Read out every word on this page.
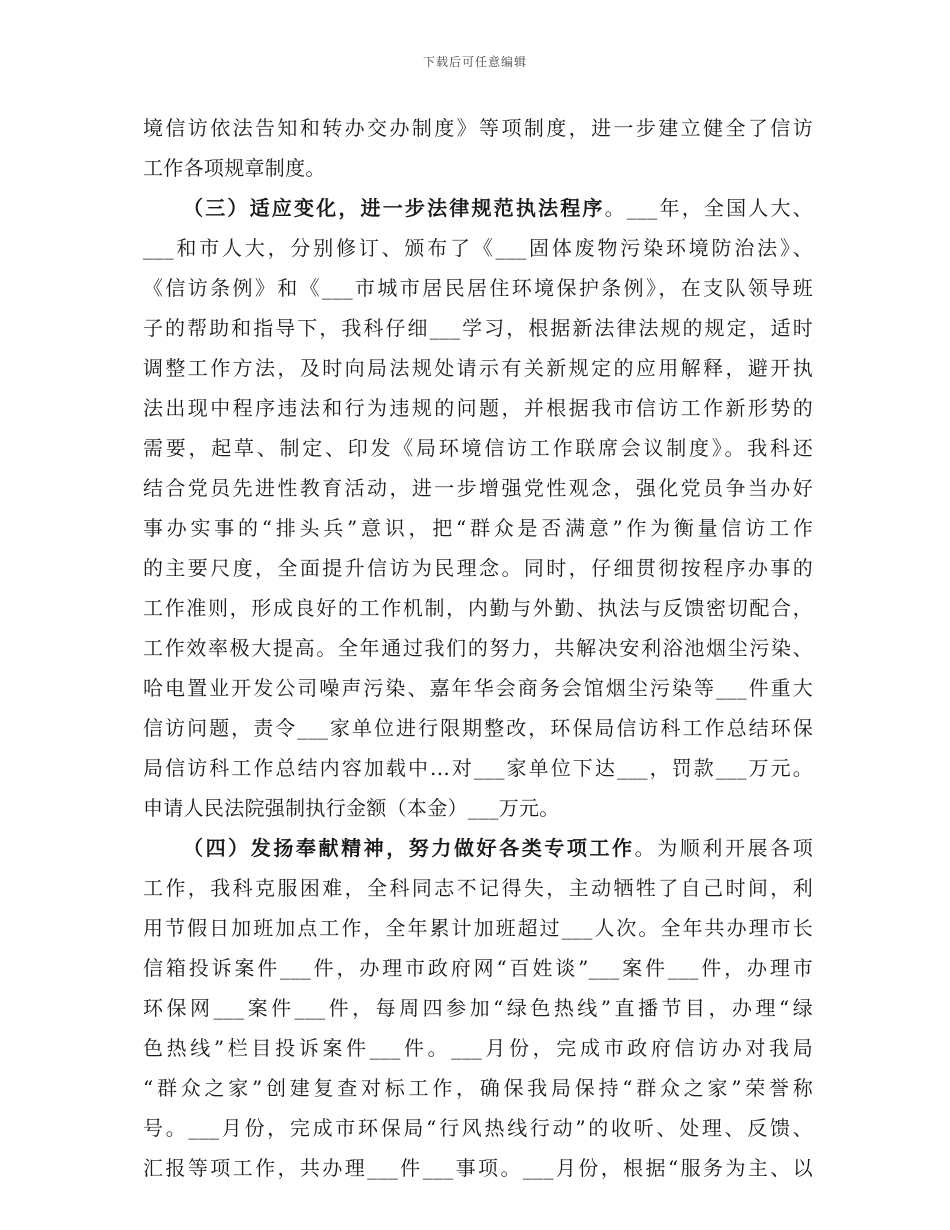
下载后可任意编辑
境信访依法告知和转办交办制度》等项制度，进一步建立健全了信访
工作各项规章制度。
（三）适应变化，进一步法律规范执法程序。___年，全国人大、
___和市人大，分别修订、颁布了《___固体废物污染环境防治法》、
《信访条例》和《___市城市居民居住环境保护条例》，在支队领导班
子的帮助和指导下，我科仔细___学习，根据新法律法规的规定，适时
调整工作方法，及时向局法规处请示有关新规定的应用解释，避开执
法出现中程序违法和行为违规的问题，并根据我市信访工作新形势的
需要，起草、制定、印发《局环境信访工作联席会议制度》。我科还
结合党员先进性教育活动，进一步增强党性观念，强化党员争当办好
事办实事的“排头兵”意识，把“群众是否满意”作为衡量信访工作
的主要尺度，全面提升信访为民理念。同时，仔细贯彻按程序办事的
工作准则，形成良好的工作机制，内勤与外勤、执法与反馈密切配合，
工作效率极大提高。全年通过我们的努力，共解决安利浴池烟尘污染、
哈电置业开发公司噪声污染、嘉年华会商务会馆烟尘污染等___件重大
信访问题，责令___家单位进行限期整改，环保局信访科工作总结环保
局信访科工作总结内容加载中...对___家单位下达___，罚款___万元。
申请人民法院强制执行金额（本金）___万元。
（四）发扬奉献精神，努力做好各类专项工作。为顺利开展各项
工作，我科克服困难，全科同志不记得失，主动牺牲了自己时间，利
用节假日加班加点工作，全年累计加班超过___人次。全年共办理市长
信箱投诉案件___件，办理市政府网“百姓谈”___案件___件，办理市
环保网___案件___件，每周四参加“绿色热线”直播节目，办理“绿
色热线”栏目投诉案件___件。___月份，完成市政府信访办对我局
“群众之家”创建复查对标工作，确保我局保持“群众之家”荣誉称
号。___月份，完成市环保局“行风热线行动”的收听、处理、反馈、
汇报等项工作，共办理___件___事项。___月份，根据“服务为主、以
